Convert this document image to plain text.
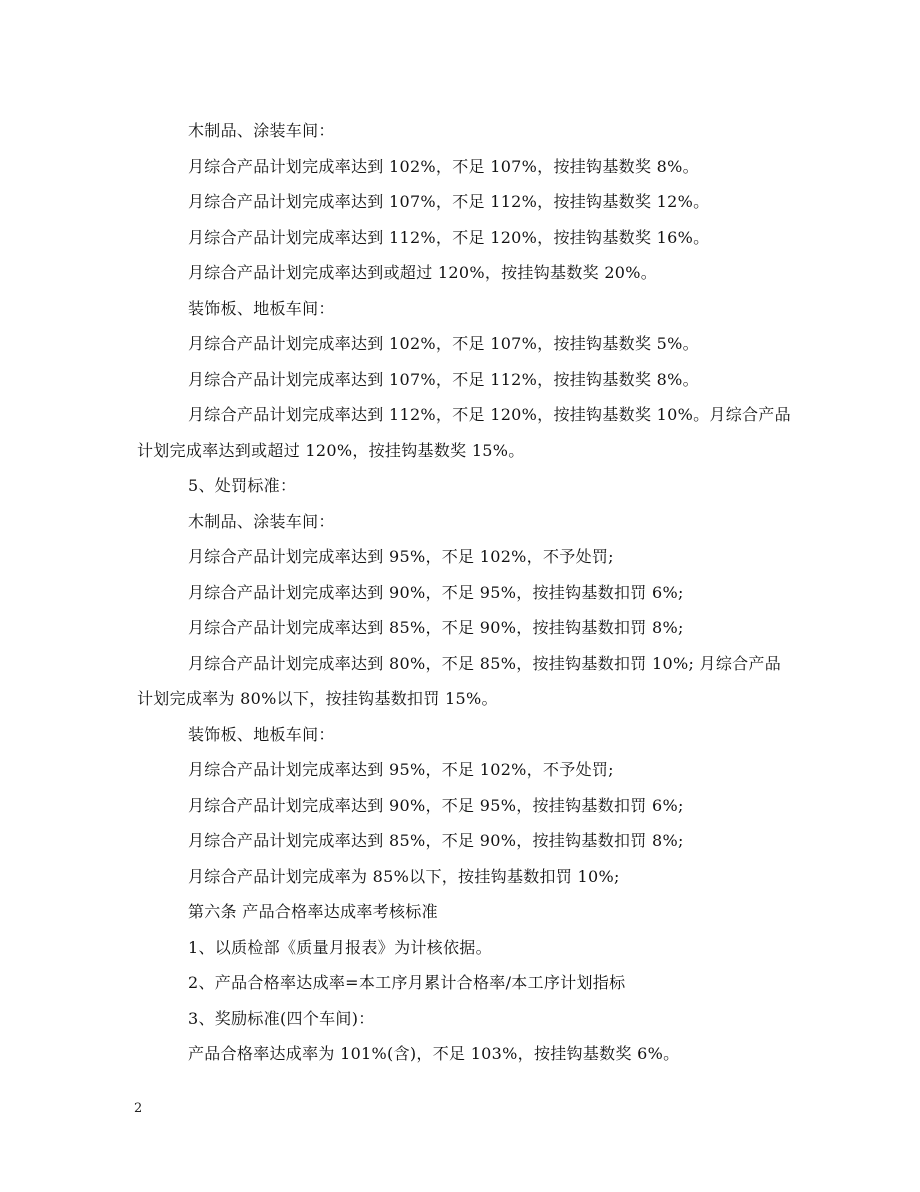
木制品、涂装车间：

月综合产品计划完成率达到 102%，不足 107%，按挂钩基数奖 8%。

月综合产品计划完成率达到 107%，不足 112%，按挂钩基数奖 12%。

月综合产品计划完成率达到 112%，不足 120%，按挂钩基数奖 16%。

月综合产品计划完成率达到或超过 120%，按挂钩基数奖 20%。

装饰板、地板车间：

月综合产品计划完成率达到 102%，不足 107%，按挂钩基数奖 5%。

月综合产品计划完成率达到 107%，不足 112%，按挂钩基数奖 8%。

月综合产品计划完成率达到 112%，不足 120%，按挂钩基数奖 10%。月综合产品计划完成率达到或超过 120%，按挂钩基数奖 15%。

5、处罚标准：

木制品、涂装车间：

月综合产品计划完成率达到 95%，不足 102%，不予处罚;

月综合产品计划完成率达到 90%，不足 95%，按挂钩基数扣罚 6%;

月综合产品计划完成率达到 85%，不足 90%，按挂钩基数扣罚 8%;

月综合产品计划完成率达到 80%，不足 85%，按挂钩基数扣罚 10%; 月综合产品计划完成率为 80%以下，按挂钩基数扣罚 15%。

装饰板、地板车间：

月综合产品计划完成率达到 95%，不足 102%，不予处罚;

月综合产品计划完成率达到 90%，不足 95%，按挂钩基数扣罚 6%;

月综合产品计划完成率达到 85%，不足 90%，按挂钩基数扣罚 8%;

月综合产品计划完成率为 85%以下，按挂钩基数扣罚 10%;

第六条 产品合格率达成率考核标准

1、以质检部《质量月报表》为计核依据。

2、产品合格率达成率=本工序月累计合格率/本工序计划指标

3、奖励标准(四个车间)：

产品合格率达成率为 101%(含)，不足 103%，按挂钩基数奖 6%。

2
